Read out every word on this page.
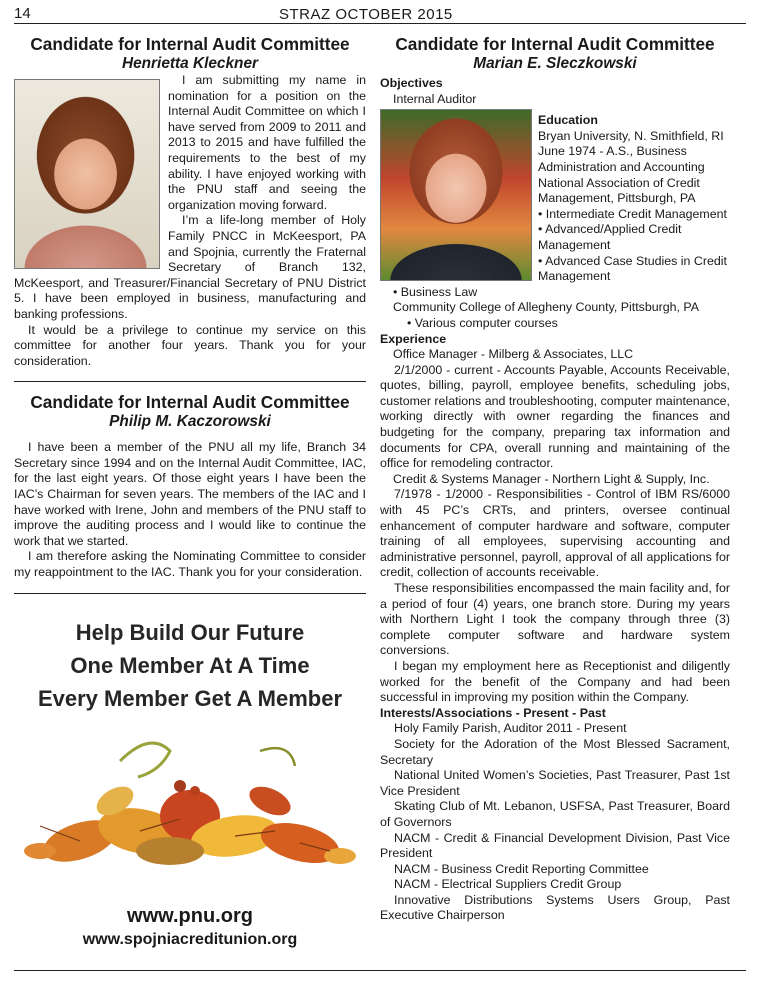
14	STRAZ OCTOBER 2015
Candidate for Internal Audit Committee
Henrietta Kleckner

I am submitting my name in nomination for a position on the Internal Audit Committee on which I have served from 2009 to 2011 and 2013 to 2015 and have fulfilled the requirements to the best of my ability. I have enjoyed working with the PNU staff and seeing the organization moving forward.

I’m a life-long member of Holy Family PNCC in McKeesport, PA and Spojnia, currently the Fraternal Secretary of Branch 132, McKeesport, and Treasurer/Financial Secretary of PNU District 5. I have been employed in business, manufacturing and banking professions.

It would be a privilege to continue my service on this committee for another four years. Thank you for your consideration.

Candidate for Internal Audit Committee
Philip M. Kaczorowski

I have been a member of the PNU all my life, Branch 34 Secretary since 1994 and on the Internal Audit Committee, IAC, for the last eight years. Of those eight years I have been the IAC’s Chairman for seven years. The members of the IAC and I have worked with Irene, John and members of the PNU staff to improve the auditing process and I would like to continue the work that we started.

I am therefore asking the Nominating Committee to consider my reappointment to the IAC. Thank you for your consideration.

Help Build Our Future
One Member At A Time
Every Member Get A Member
www.pnu.org
www.spojniacreditunion.org
Candidate for Internal Audit Committee
Marian E. Sleczkowski
Objectives
Internal Auditor
Education
Bryan University, N. Smithfield, RI
June 1974 - A.S., Business Administration and Accounting
National Association of Credit Management, Pittsburgh, PA
• Intermediate Credit Management
• Advanced/Applied Credit Management
• Advanced Case Studies in Credit Management
• Business Law
Community College of Allegheny County, Pittsburgh, PA
• Various computer courses
Experience
Office Manager - Milberg & Associates, LLC

2/1/2000 - current - Accounts Payable, Accounts Receivable, quotes, billing, payroll, employee benefits, scheduling jobs, customer relations and troubleshooting, computer maintenance, working directly with owner regarding the finances and budgeting for the company, preparing tax information and documents for CPA, overall running and maintaining of the office for remodeling contractor.

Credit & Systems Manager - Northern Light & Supply, Inc.

7/1978 - 1/2000 - Responsibilities - Control of IBM RS/6000 with 45 PC’s CRTs, and printers, oversee continual enhancement of computer hardware and software, computer training of all employees, supervising accounting and administrative personnel, payroll, approval of all applications for credit, collection of accounts receivable.

These responsibilities encompassed the main facility and, for a period of four (4) years, one branch store. During my years with Northern Light I took the company through three (3) complete computer software and hardware system conversions.

I began my employment here as Receptionist and diligently worked for the benefit of the Company and had been successful in improving my position within the Company.

Interests/Associations - Present - Past

Holy Family Parish, Auditor 2011 - Present

Society for the Adoration of the Most Blessed Sacrament, Secretary

National United Women’s Societies, Past Treasurer, Past 1st Vice President

Skating Club of Mt. Lebanon, USFSA, Past Treasurer, Board of Governors

NACM - Credit & Financial Development Division, Past Vice President

NACM - Business Credit Reporting Committee

NACM - Electrical Suppliers Credit Group

Innovative Distributions Systems Users Group, Past Executive Chairperson
